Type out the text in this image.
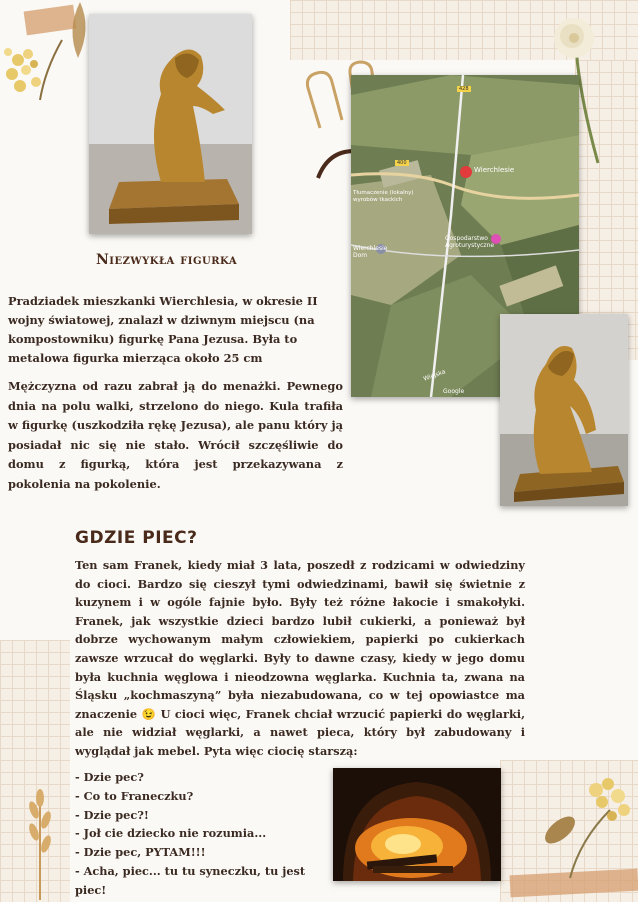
Wierchlesie
Gospodarstwo Agroturystyczne
Tłumaczenie (lokalny) wyrobów tkackich
Wierchlesie Dom
428
400
Wiejska
Google
Niezwykła figurka

Pradziadek mieszkanki Wierchlesia, w okresie II wojny światowej, znalazł w dziwnym miejscu (na kompostowniku) figurkę Pana Jezusa. Była to metalowa figurka mierząca około 25 cm

Mężczyzna od razu zabrał ją do menażki. Pewnego dnia na polu walki, strzelono do niego. Kula trafiła w figurkę (uszkodziła rękę Jezusa), ale panu który ją posiadał nic się nie stało. Wrócił szczęśliwie do domu z figurką, która jest przekazywana z pokolenia na pokolenie.

GDZIE PIEC?

Ten sam Franek, kiedy miał 3 lata, poszedł z rodzicami w odwiedziny do cioci. Bardzo się cieszył tymi odwiedzinami, bawił się świetnie z kuzynem i w ogóle fajnie było. Były też różne łakocie i smakołyki. Franek, jak wszystkie dzieci bardzo lubił cukierki, a ponieważ był dobrze wychowanym małym człowiekiem, papierki po cukierkach zawsze wrzucał do węglarki. Były to dawne czasy, kiedy w jego domu była kuchnia węglowa i nieodzowna węglarka. Kuchnia ta, zwana na Śląsku „kochmaszyną” była niezabudowana, co w tej opowiastce ma znaczenie 😉 U cioci więc, Franek chciał wrzucić papierki do węglarki, ale nie widział węglarki, a nawet pieca, który był zabudowany i wyglądał jak mebel. Pyta więc ciocię starszą:

- Dzie pec?
- Co to Franeczku?
- Dzie pec?!
- Joł cie dziecko nie rozumia...
- Dzie pec, PYTAM!!!
- Acha, piec... tu tu syneczku, tu jest piec!
